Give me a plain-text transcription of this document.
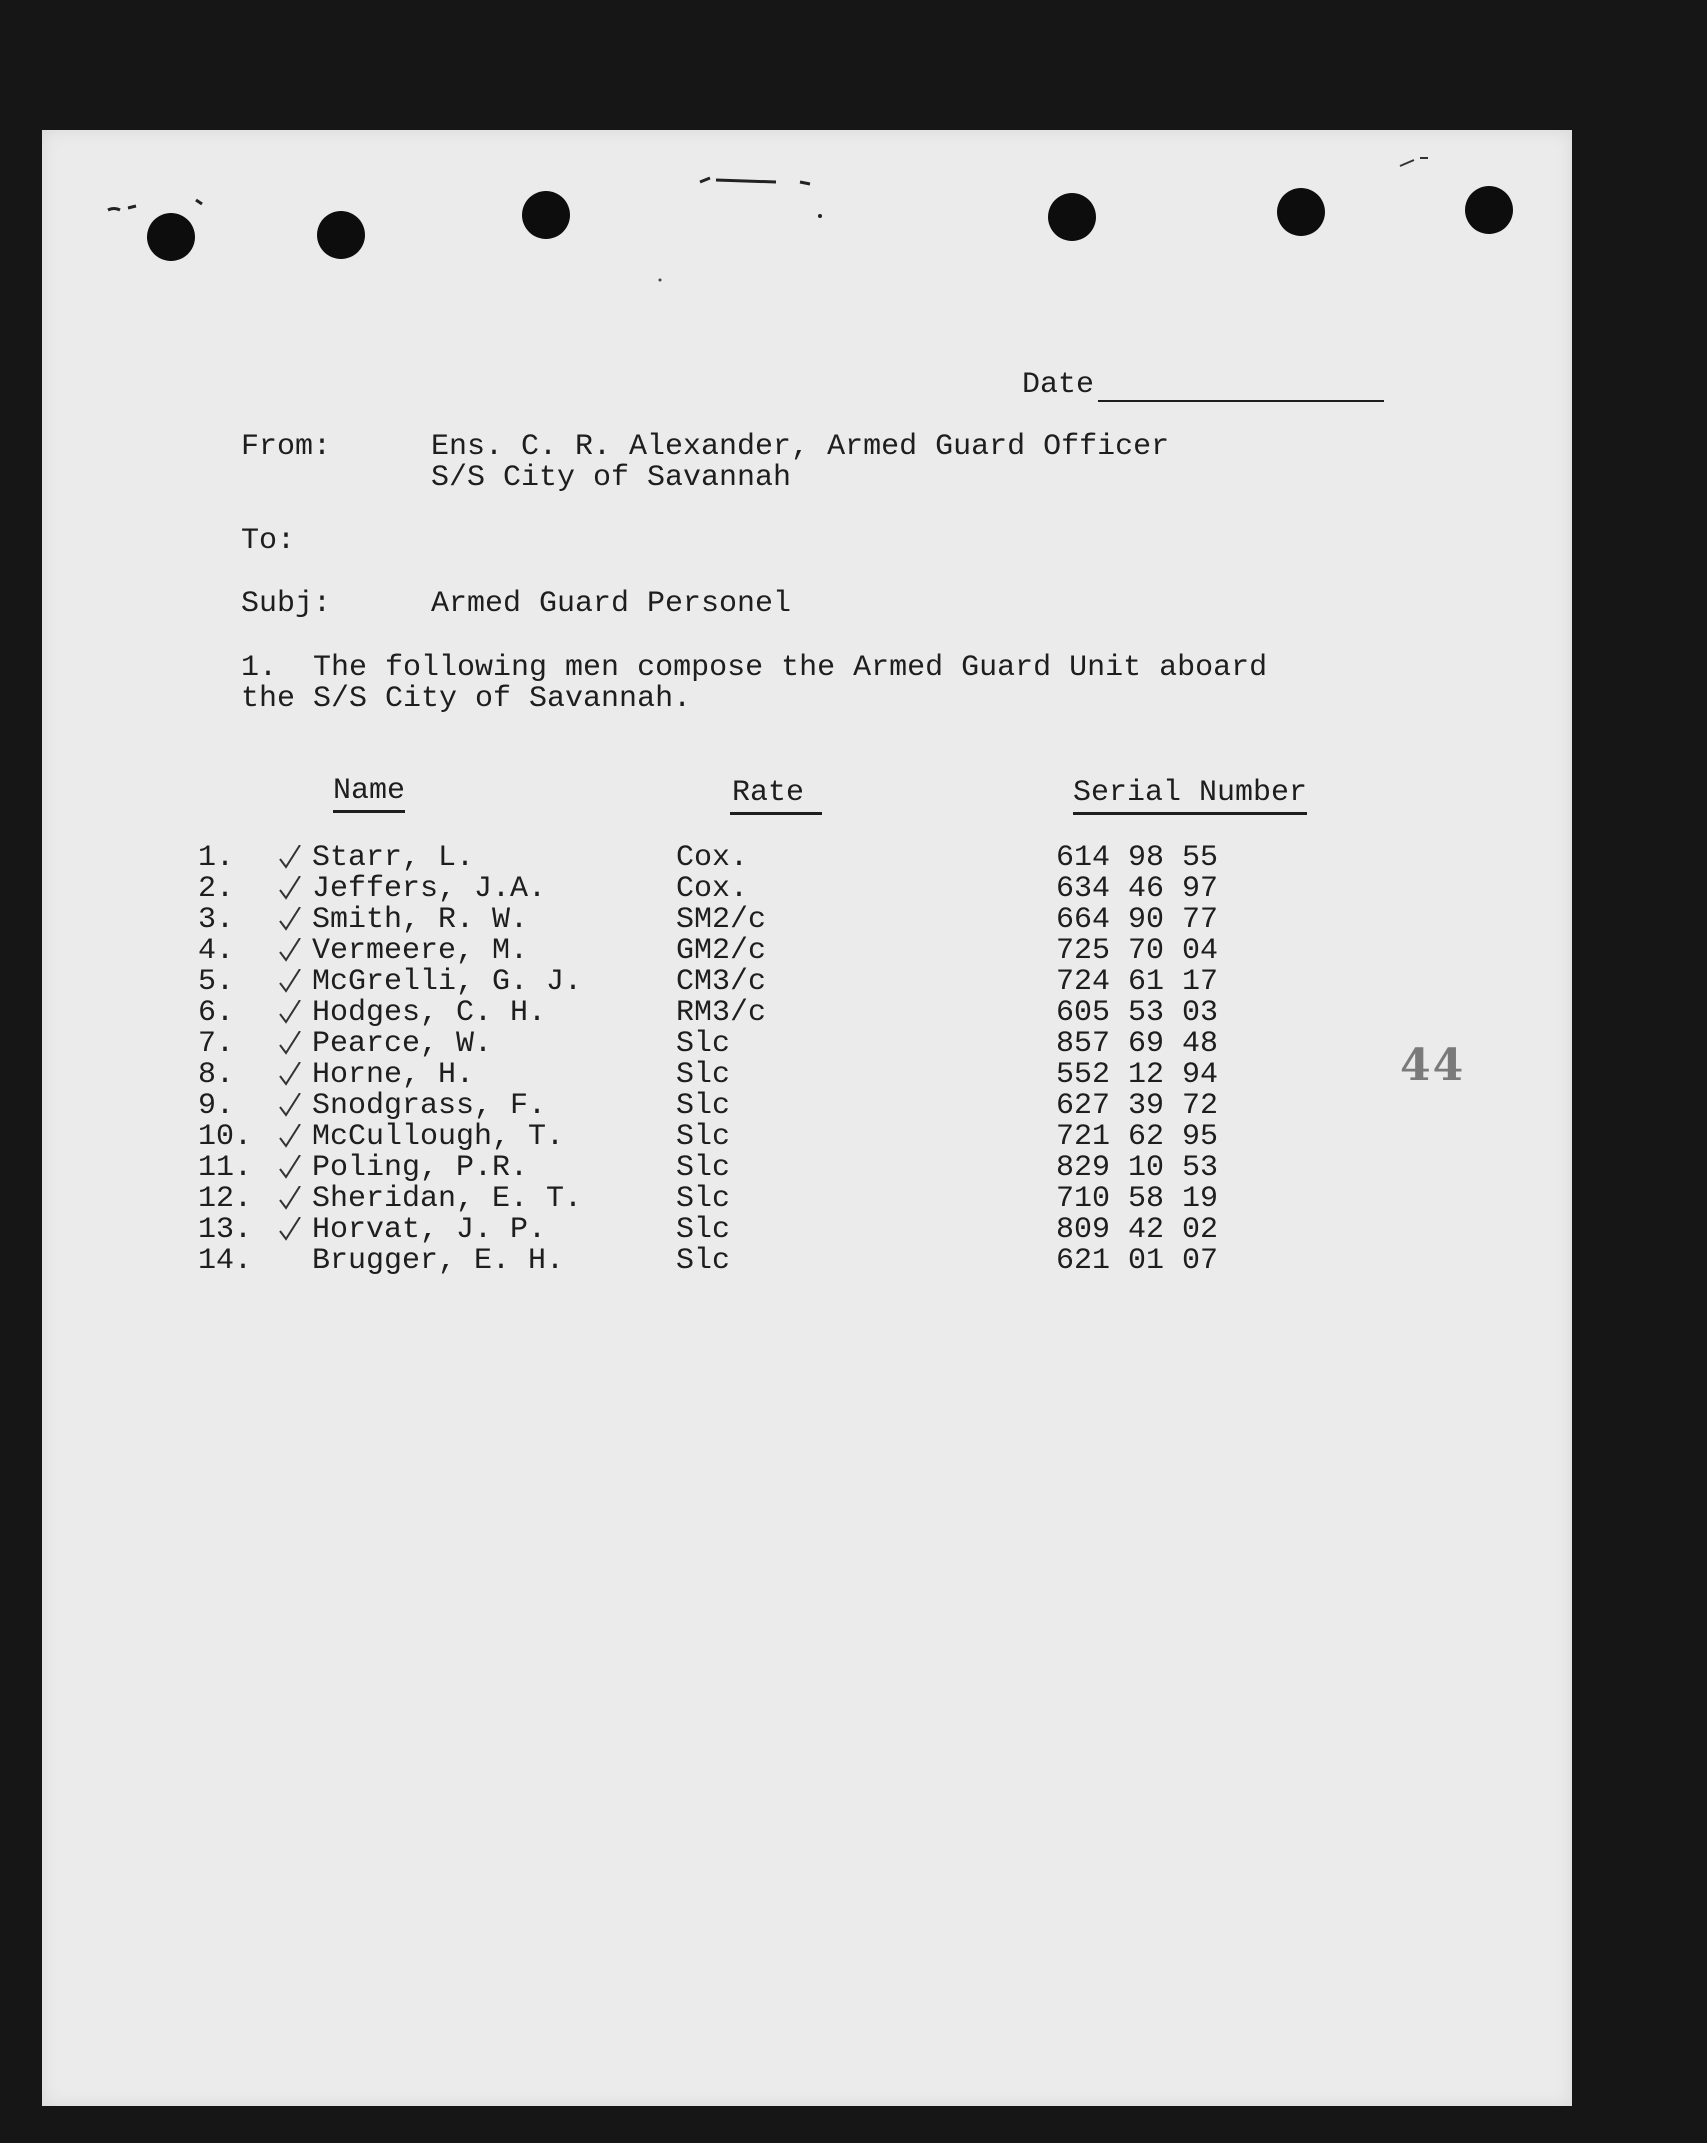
Date
From:	Ens. C. R. Alexander, Armed Guard Officer
S/S City of Savannah
To:
Subj:	Armed Guard Personel
1.  The following men compose the Armed Guard Unit aboard
the S/S City of Savannah.
Name	Rate	Serial Number
1.	Starr, L.	Cox.	614 98 55
2.	Jeffers, J.A.	Cox.	634 46 97
3.	Smith, R. W.	SM2/c	664 90 77
4.	Vermeere, M.	GM2/c	725 70 04
5.	McGrelli, G. J.	CM3/c	724 61 17
6.	Hodges, C. H.	RM3/c	605 53 03
7.	Pearce, W.	Slc	857 69 48
8.	Horne, H.	Slc	552 12 94
9.	Snodgrass, F.	Slc	627 39 72
10. McCullough, T.	Slc	721 62 95
11. Poling, P.R.	Slc	829 10 53
12. Sheridan, E. T.	Slc	710 58 19
13. Horvat, J. P.	Slc	809 42 02
14. Brugger, E. H.	Slc	621 01 07
44
